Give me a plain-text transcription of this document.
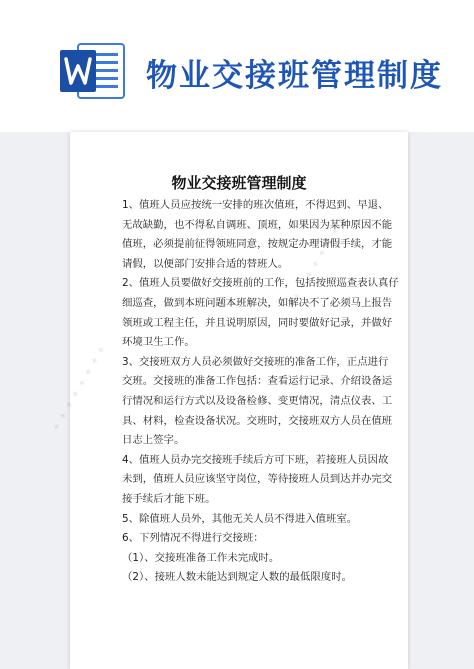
物业交接班管理制度
✦ ✦ ✦ ✦ ✦ ✦ ✦ ✦
✦ ✦ ✦ ✦ ✦ ✦ ✦ ✦
物业交接班管理制度
1、值班人员应按统一安排的班次值班，不得迟到、早退、
无故缺勤，也不得私自调班、顶班，如果因为某种原因不能
值班，必须提前征得领班同意，按规定办理请假手续，才能
请假，以便部门安排合适的替班人。
2、值班人员要做好交接班前的工作，包括按照巡查表认真仔
细巡查，做到本班问题本班解决，如解决不了必须马上报告
领班或工程主任，并且说明原因，同时要做好记录，并做好
环境卫生工作。
3、交接班双方人员必须做好交接班的准备工作，正点进行
交班。交接班的准备工作包括：查看运行记录、介绍设备运
行情况和运行方式以及设备检修、变更情况，清点仪表、工
具、材料，检查设备状况。交班时，交接班双方人员在值班
日志上签字。
4、值班人员办完交接班手续后方可下班，若接班人员因故
未到，值班人员应该坚守岗位，等待接班人员到达并办完交
接手续后才能下班。
5、除值班人员外，其他无关人员不得进入值班室。
6、下列情况不得进行交接班：
（1）、交接班准备工作未完成时。
（2）、接班人数未能达到规定人数的最低限度时。
